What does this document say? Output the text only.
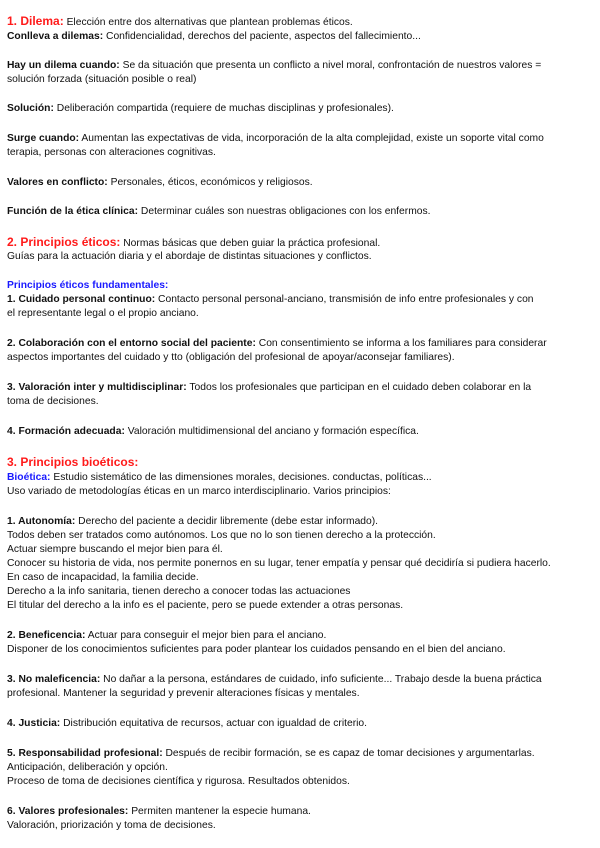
1. Dilema: Elección entre dos alternativas que plantean problemas éticos.
Conlleva a dilemas: Confidencialidad, derechos del paciente, aspectos del fallecimiento...
Hay un dilema cuando: Se da situación que presenta un conflicto a nivel moral, confrontación de nuestros valores =
solución forzada (situación posible o real)
Solución: Deliberación compartida (requiere de muchas disciplinas y profesionales).
Surge cuando: Aumentan las expectativas de vida, incorporación de la alta complejidad, existe un soporte vital como
terapia, personas con alteraciones cognitivas.
Valores en conflicto: Personales, éticos, económicos y religiosos.
Función de la ética clínica: Determinar cuáles son nuestras obligaciones con los enfermos.
2. Principios éticos: Normas básicas que deben guiar la práctica profesional.
Guías para la actuación diaria y el abordaje de distintas situaciones y conflictos.
Principios éticos fundamentales:
1. Cuidado personal continuo: Contacto personal personal-anciano, transmisión de info entre profesionales y con
el representante legal o el propio anciano.
2. Colaboración con el entorno social del paciente: Con consentimiento se informa a los familiares para considerar
aspectos importantes del cuidado y tto (obligación del profesional de apoyar/aconsejar familiares).
3. Valoración inter y multidisciplinar: Todos los profesionales que participan en el cuidado deben colaborar en la
toma de decisiones.
4. Formación adecuada: Valoración multidimensional del anciano y formación específica.
3. Principios bioéticos:
Bioética: Estudio sistemático de las dimensiones morales, decisiones. conductas, políticas...
Uso variado de metodologías éticas en un marco interdisciplinario. Varios principios:
1. Autonomía: Derecho del paciente a decidir libremente (debe estar informado).
Todos deben ser tratados como autónomos. Los que no lo son tienen derecho a la protección.
Actuar siempre buscando el mejor bien para él.
Conocer su historia de vida, nos permite ponernos en su lugar, tener empatía y pensar qué decidiría si pudiera hacerlo.
En caso de incapacidad, la familia decide.
Derecho a la info sanitaria, tienen derecho a conocer todas las actuaciones
El titular del derecho a la info es el paciente, pero se puede extender a otras personas.
2. Beneficencia: Actuar para conseguir el mejor bien para el anciano.
Disponer de los conocimientos suficientes para poder plantear los cuidados pensando en el bien del anciano.
3. No maleficencia: No dañar a la persona, estándares de cuidado, info suficiente... Trabajo desde la buena práctica
profesional. Mantener la seguridad y prevenir alteraciones físicas y mentales.
4. Justicia: Distribución equitativa de recursos, actuar con igualdad de criterio.
5. Responsabilidad profesional: Después de recibir formación, se es capaz de tomar decisiones y argumentarlas.
Anticipación, deliberación y opción.
Proceso de toma de decisiones científica y rigurosa. Resultados obtenidos.
6. Valores profesionales: Permiten mantener la especie humana.
Valoración, priorización y toma de decisiones.
